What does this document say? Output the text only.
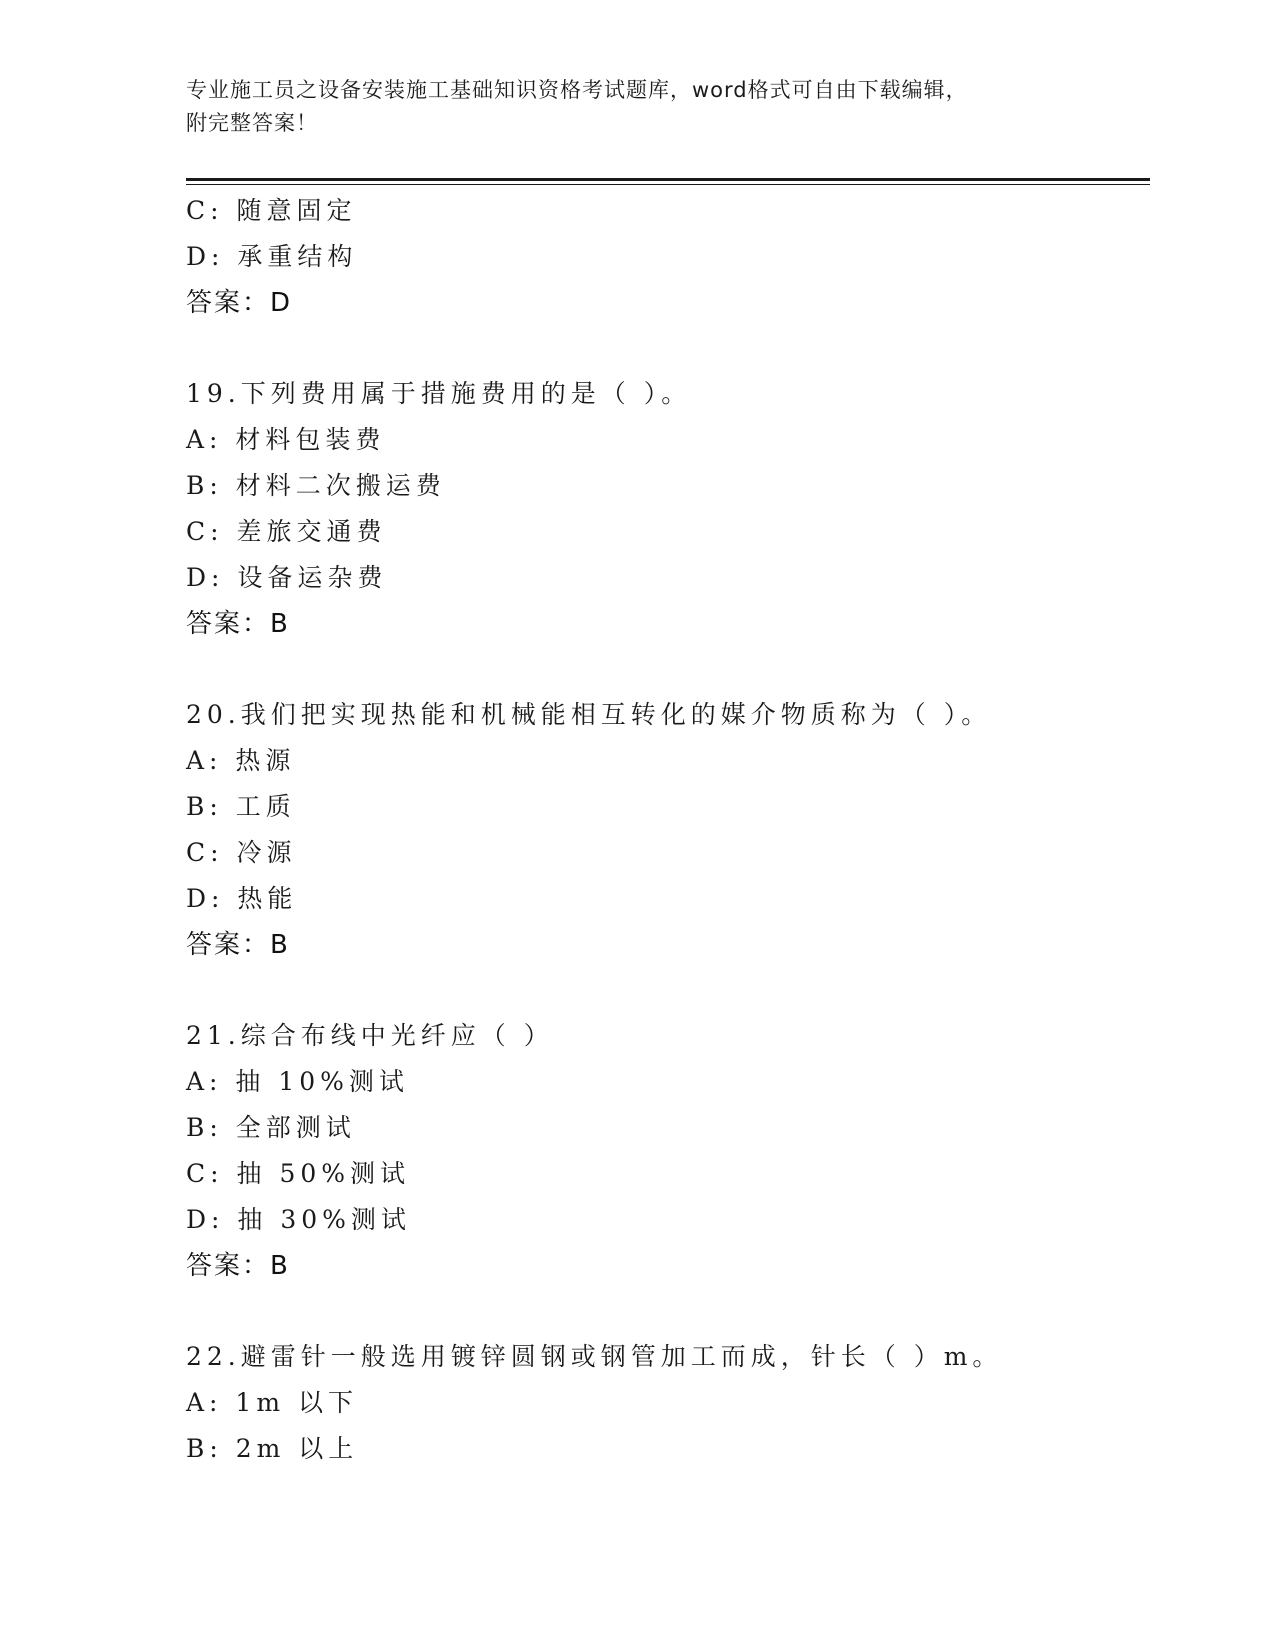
专业施工员之设备安装施工基础知识资格考试题库，word格式可自由下载编辑，
附完整答案！
C: 随意固定
D: 承重结构
答案：D
19.下列费用属于措施费用的是（ ）。
A: 材料包装费
B: 材料二次搬运费
C: 差旅交通费
D: 设备运杂费
答案：B
20.我们把实现热能和机械能相互转化的媒介物质称为（ ）。
A: 热源
B: 工质
C: 冷源
D: 热能
答案：B
21.综合布线中光纤应（ ）
A: 抽 10%测试
B: 全部测试
C: 抽 50%测试
D: 抽 30%测试
答案：B
22.避雷针一般选用镀锌圆钢或钢管加工而成，针长（ ）m。
A: 1m 以下
B: 2m 以上
